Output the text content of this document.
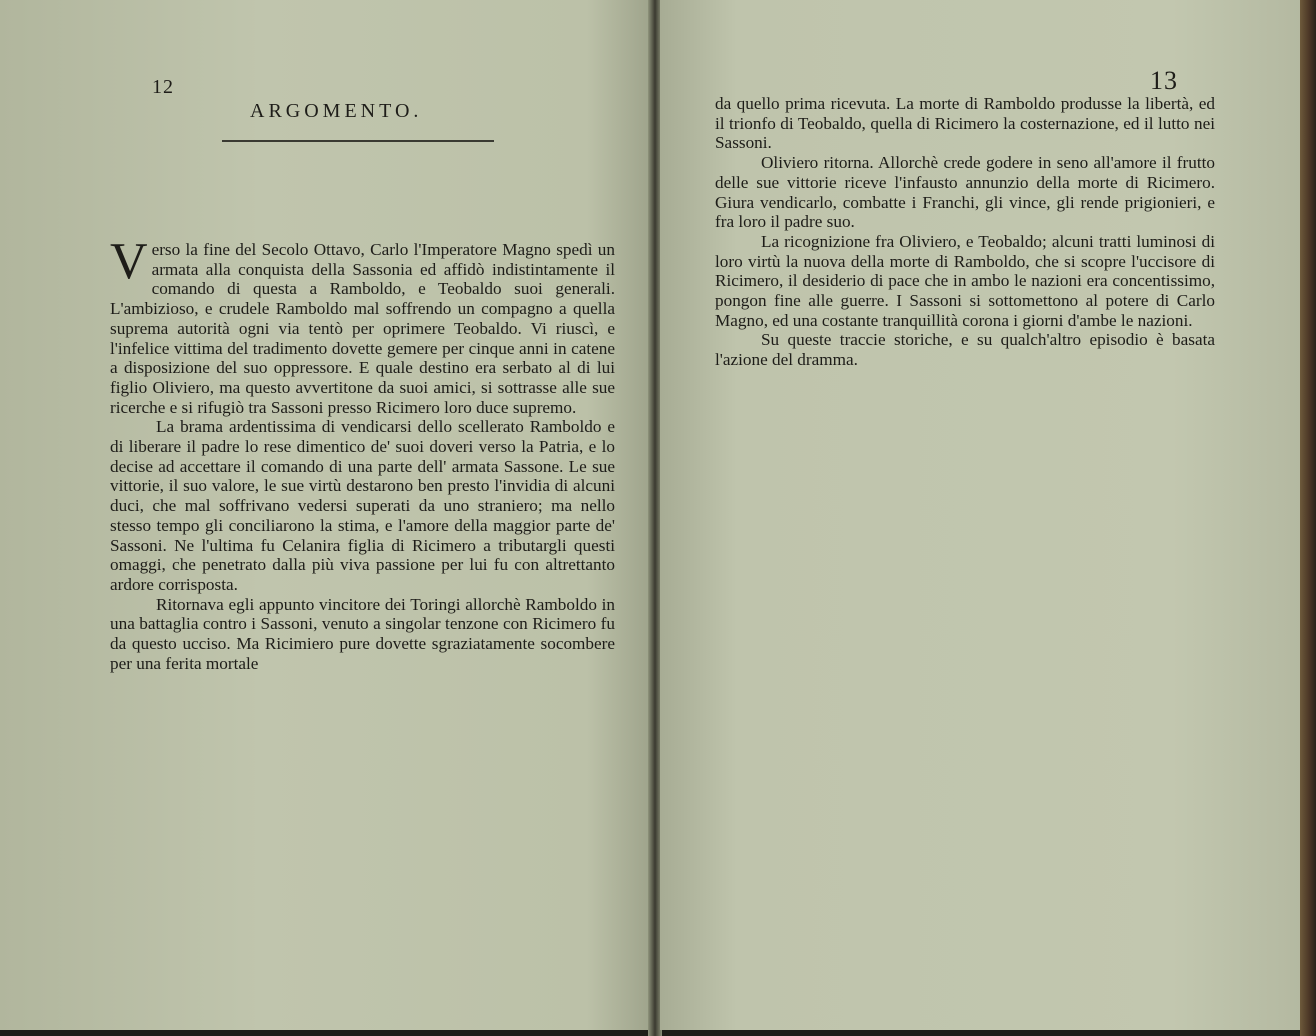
12
ARGOMENTO.

Verso la fine del Secolo Ottavo, Carlo l'Imperatore Magno spedì un armata alla conquista della Sassonia ed affidò indistintamente il comando di questa a Ramboldo, e Teobaldo suoi generali. L'ambizioso, e crudele Ramboldo mal soffrendo un compagno a quella suprema autorità ogni via tentò per oprimere Teobaldo. Vi riuscì, e l'infelice vittima del tradimento dovette gemere per cinque anni in catene a disposizione del suo oppressore. E quale destino era serbato al di lui figlio Oliviero, ma questo avvertitone da suoi amici, si sottrasse alle sue ricerche e si rifugiò tra Sassoni presso Ricimero loro duce supremo.

La brama ardentissima di vendicarsi dello scellerato Ramboldo e di liberare il padre lo rese dimentico de' suoi doveri verso la Patria, e lo decise ad accettare il comando di una parte dell' armata Sassone. Le sue vittorie, il suo valore, le sue virtù destarono ben presto l'invidia di alcuni duci, che mal soffrivano vedersi superati da uno straniero; ma nello stesso tempo gli conciliarono la stima, e l'amore della maggior parte de' Sassoni. Ne l'ultima fu Celanira figlia di Ricimero a tributargli questi omaggi, che penetrato dalla più viva passione per lui fu con altrettanto ardore corrisposta.

Ritornava egli appunto vincitore dei Toringi allorchè Ramboldo in una battaglia contro i Sassoni, venuto a singolar tenzone con Ricimero fu da questo ucciso. Ma Ricimiero pure dovette sgraziatamente socombere per una ferita mortale

13

da quello prima ricevuta. La morte di Ramboldo produsse la libertà, ed il trionfo di Teobaldo, quella di Ricimero la costernazione, ed il lutto nei Sassoni.

Oliviero ritorna. Allorchè crede godere in seno all'amore il frutto delle sue vittorie riceve l'infausto annunzio della morte di Ricimero. Giura vendicarlo, combatte i Franchi, gli vince, gli rende prigionieri, e fra loro il padre suo.

La ricognizione fra Oliviero, e Teobaldo; alcuni tratti luminosi di loro virtù la nuova della morte di Ramboldo, che si scopre l'uccisore di Ricimero, il desiderio di pace che in ambo le nazioni era concentissimo, pongon fine alle guerre. I Sassoni si sottomettono al potere di Carlo Magno, ed una costante tranquillità corona i giorni d'ambe le nazioni.

Su queste traccie storiche, e su qualch'altro episodio è basata l'azione del dramma.
